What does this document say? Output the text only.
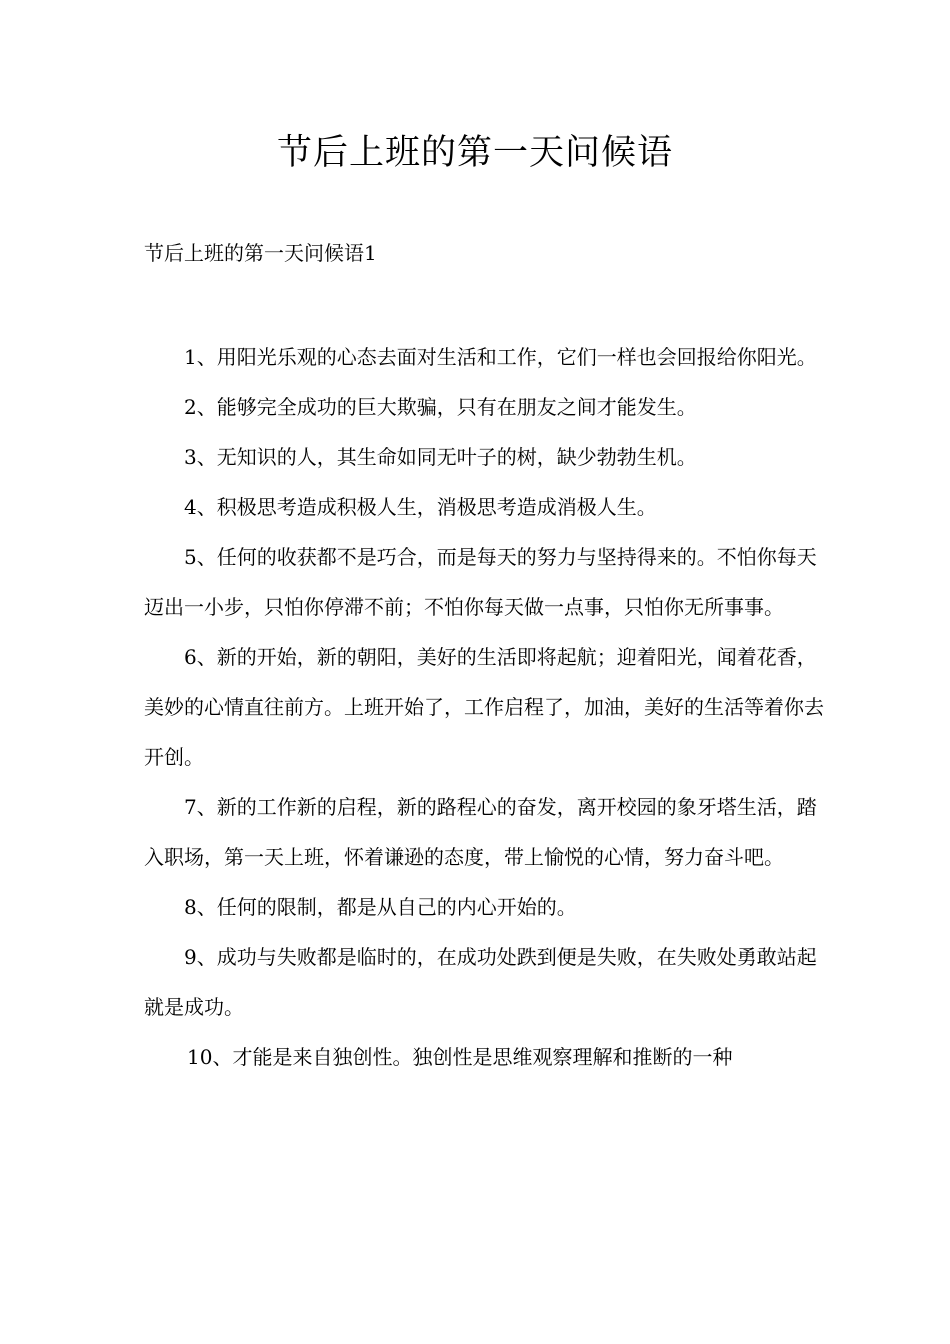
节后上班的第一天问候语
节后上班的第一天问候语1

1、用阳光乐观的心态去面对生活和工作，它们一样也会回报给你阳光。

2、能够完全成功的巨大欺骗，只有在朋友之间才能发生。

3、无知识的人，其生命如同无叶子的树，缺少勃勃生机。

4、积极思考造成积极人生，消极思考造成消极人生。

5、任何的收获都不是巧合，而是每天的努力与坚持得来的。不怕你每天迈出一小步，只怕你停滞不前；不怕你每天做一点事，只怕你无所事事。

6、新的开始，新的朝阳，美好的生活即将起航；迎着阳光，闻着花香，美妙的心情直往前方。上班开始了，工作启程了，加油，美好的生活等着你去开创。

7、新的工作新的启程，新的路程心的奋发，离开校园的象牙塔生活，踏入职场，第一天上班，怀着谦逊的态度，带上愉悦的心情，努力奋斗吧。

8、任何的限制，都是从自己的内心开始的。

9、成功与失败都是临时的，在成功处跌到便是失败，在失败处勇敢站起就是成功。

10、才能是来自独创性。独创性是思维观察理解和推断的一种
